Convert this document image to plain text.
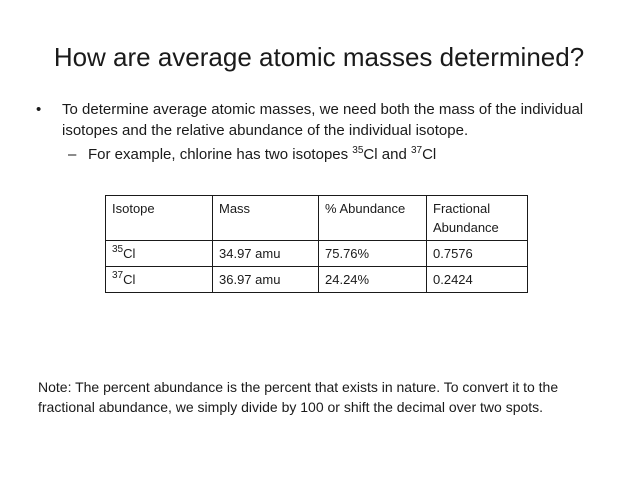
How are average atomic masses determined?
• To determine average atomic masses, we need both the mass of the individual isotopes and the relative abundance of the individual isotope.
– For example, chlorine has two isotopes $^{35}$Cl and $^{37}$Cl
Isotope	Mass	% Abundance	Fractional Abundance
$^{35}$Cl	34.97 amu	75.76%	0.7576
$^{37}$Cl	36.97 amu	24.24%	0.2424
Note: The percent abundance is the percent that exists in nature. To convert it to the fractional abundance, we simply divide by 100 or shift the decimal over two spots.
